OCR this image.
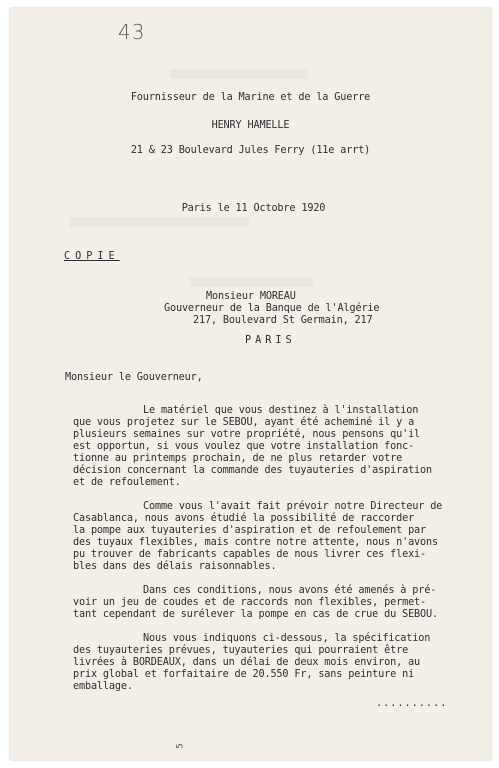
▒▒▒▒▒▒▒▒▒▒▒▒▒▒▒▒▒▒▒▒▒▒▒▒▒▒▒
▒▒▒▒▒▒▒▒▒▒▒▒▒▒▒▒▒▒▒▒▒▒▒▒▒▒▒▒▒▒▒▒▒▒▒
▒▒▒▒▒▒▒▒▒▒▒▒▒▒▒▒▒▒▒▒▒▒▒▒
43
Fournisseur de la Marine et de la Guerre
HENRY HAMELLE
21 & 23 Boulevard Jules Ferry (11e arrt)
Paris le 11 Octobre 1920
COPIE
Monsieur MOREAU
Gouverneur de la Banque de l'Algérie
217, Boulevard St Germain, 217
PARIS
Monsieur le Gouverneur,
Le matériel que vous destinez à l'installation
que vous projetez sur le SEBOU, ayant été acheminé il y a
plusieurs semaines sur votre propriété, nous pensons qu'il
est opportun, si vous voulez que votre installation fonc-
tionne au printemps prochain, de ne plus retarder votre
décision concernant la commande des tuyauteries d'aspiration
et de refoulement.
Comme vous l'avait fait prévoir notre Directeur de
Casablanca, nous avons étudié la possibilité de raccorder
la pompe aux tuyauteries d'aspiration et de refoulement par
des tuyaux flexibles, mais contre notre attente, nous n'avons
pu trouver de fabricants capables de nous livrer ces flexi-
bles dans des délais raisonnables.
Dans ces conditions, nous avons été amenés à pré-
voir un jeu de coudes et de raccords non flexibles, permet-
tant cependant de surélever la pompe en cas de crue du SEBOU.
Nous vous indiquons ci-dessous, la spécification
des tuyauteries prévues, tuyauteries qui pourraient être
livrées à BORDEAUX, dans un délai de deux mois environ, au
prix global et forfaitaire de 20.550 Fr, sans peinture ni
emballage.
..........
5
